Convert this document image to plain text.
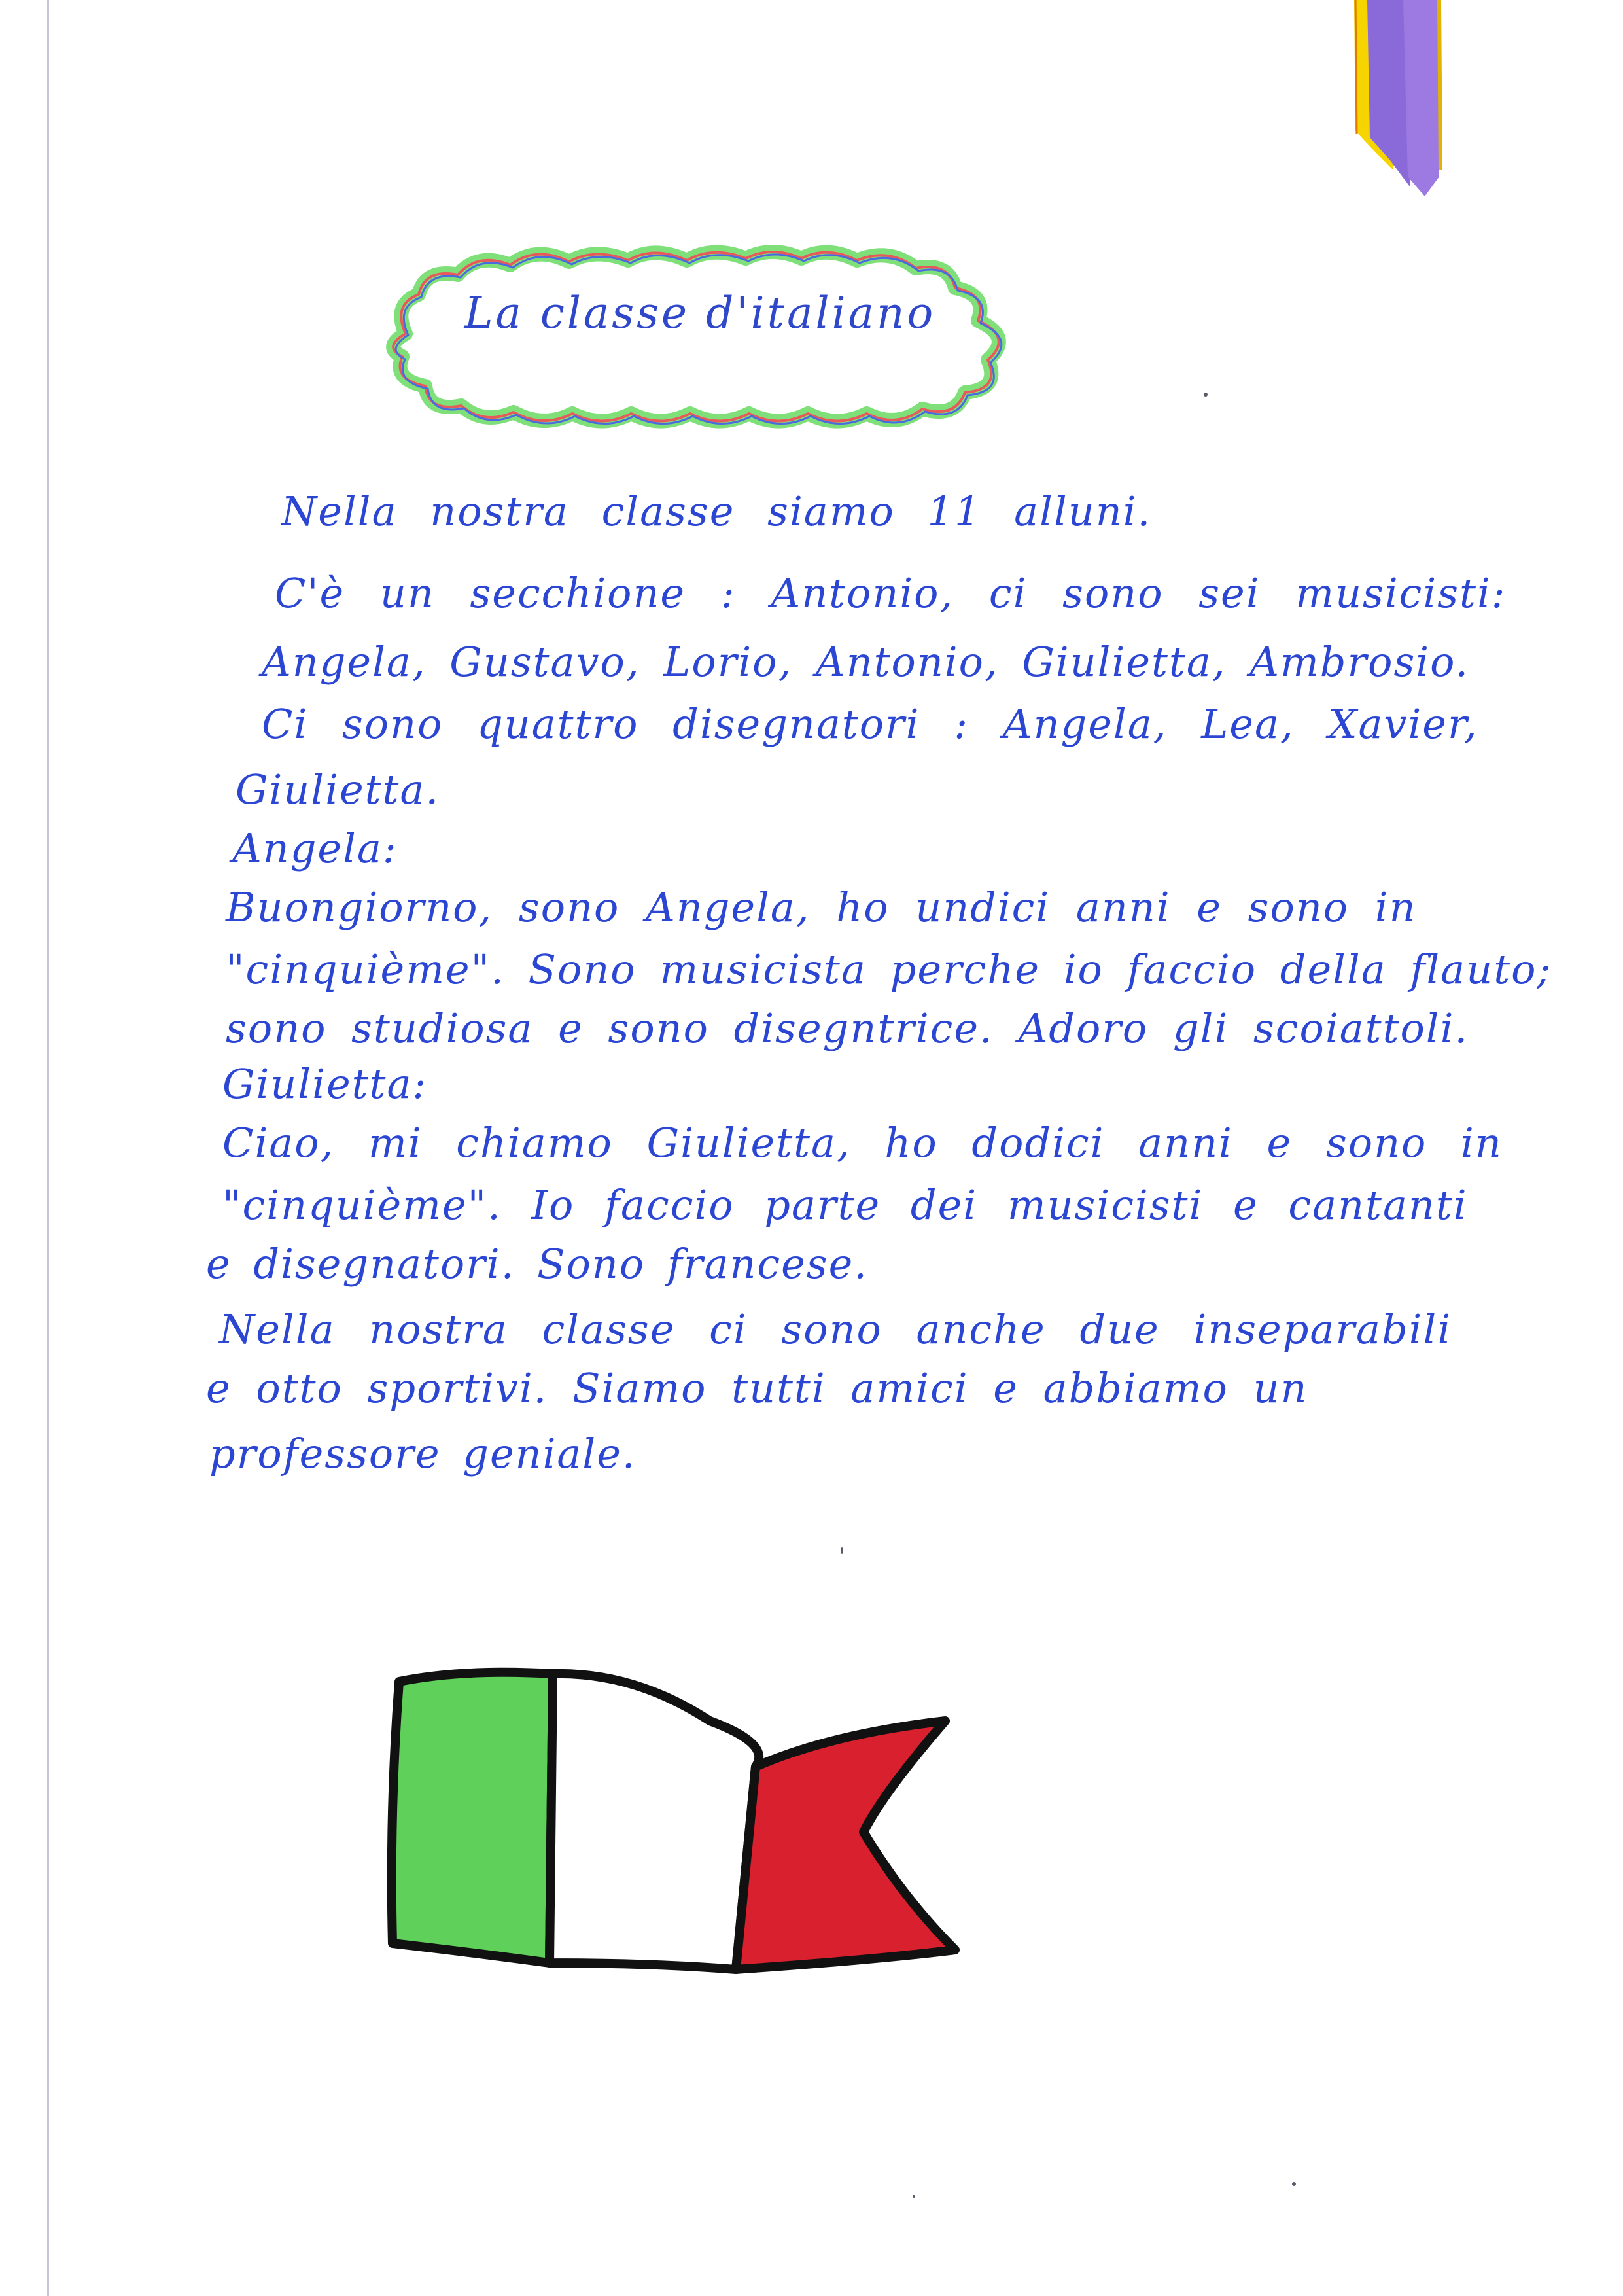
La classe d'italiano
Nella nostra classe siamo 11 alluni.
C'è un secchione : Antonio, ci sono sei musicisti:
Angela, Gustavo, Lorio, Antonio, Giulietta, Ambrosio.
Ci sono quattro disegnatori : Angela, Lea, Xavier,
Giulietta.
Angela:
Buongiorno, sono Angela, ho undici anni e sono in
"cinquième". Sono musicista perche io faccio della flauto;
sono studiosa e sono disegntrice. Adoro gli scoiattoli.
Giulietta:
Ciao, mi chiamo Giulietta, ho dodici anni e sono in
"cinquième". Io faccio parte dei musicisti e cantanti
e disegnatori. Sono francese.
Nella nostra classe ci sono anche due inseparabili
e otto sportivi. Siamo tutti amici e abbiamo un
professore geniale.
